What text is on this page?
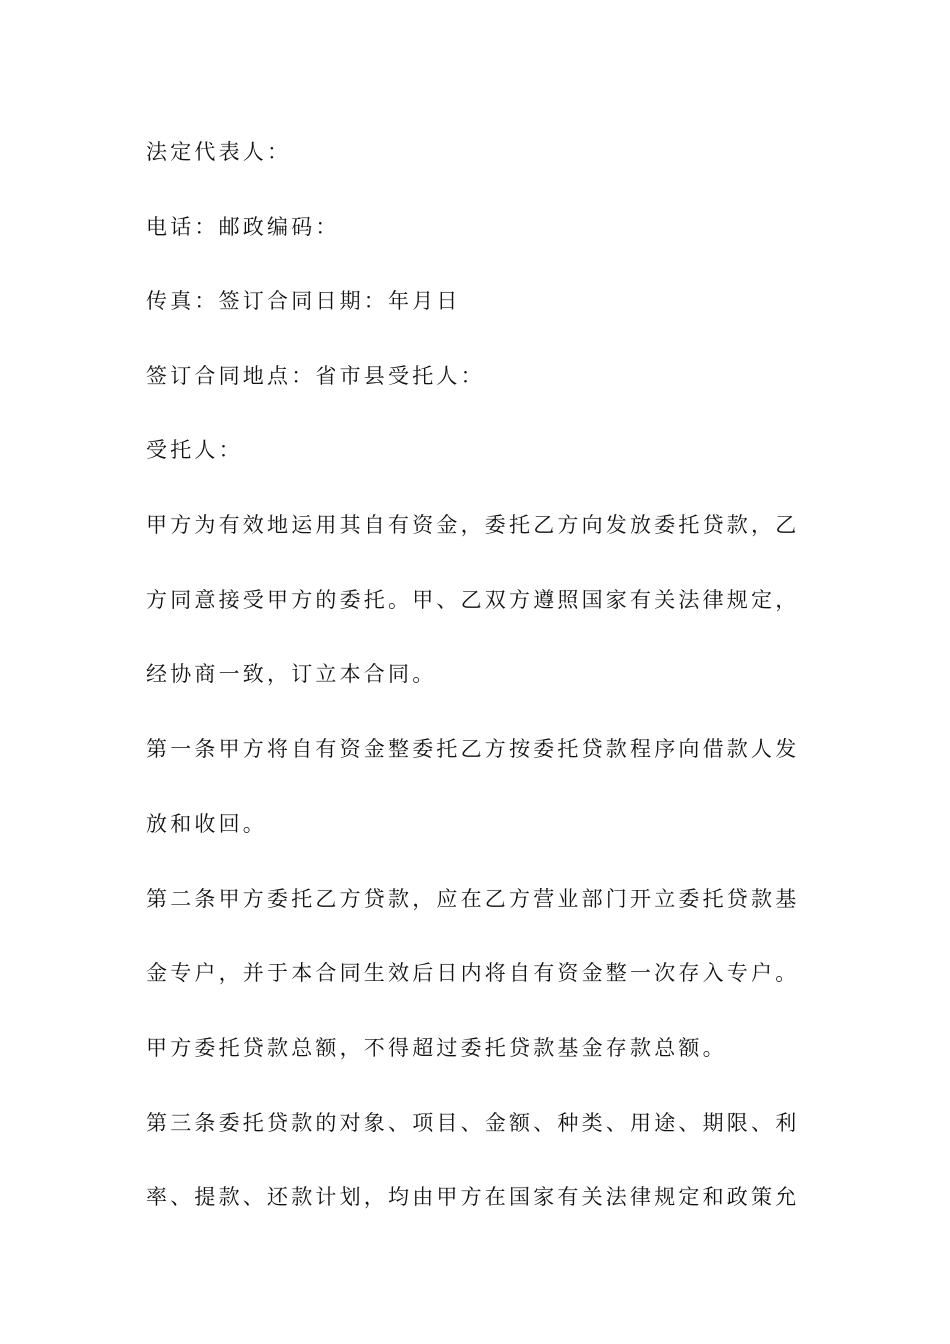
法定代表人：

电话：邮政编码：

传真：签订合同日期：年月日

签订合同地点：省市县受托人：

受托人：

甲方为有效地运用其自有资金，委托乙方向发放委托贷款，乙

方同意接受甲方的委托。甲、乙双方遵照国家有关法律规定，

经协商一致，订立本合同。

第一条甲方将自有资金整委托乙方按委托贷款程序向借款人发

放和收回。

第二条甲方委托乙方贷款，应在乙方营业部门开立委托贷款基

金专户，并于本合同生效后日内将自有资金整一次存入专户。

甲方委托贷款总额，不得超过委托贷款基金存款总额。

第三条委托贷款的对象、项目、金额、种类、用途、期限、利

率、提款、还款计划，均由甲方在国家有关法律规定和政策允
